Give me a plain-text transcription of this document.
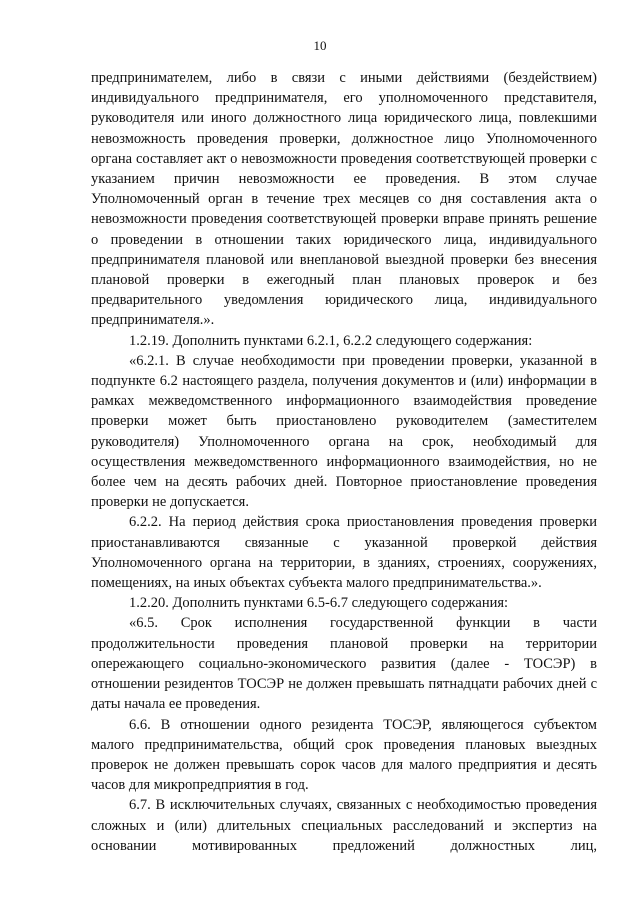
10

предпринимателем, либо в связи с иными действиями (бездействием) индивидуального предпринимателя, его уполномоченного представителя, руководителя или иного должностного лица юридического лица, повлекшими невозможность проведения проверки, должностное лицо Уполномоченного органа составляет акт о невозможности проведения соответствующей проверки с указанием причин невозможности ее проведения. В этом случае Уполномоченный орган в течение трех месяцев со дня составления акта о невозможности проведения соответствующей проверки вправе принять решение о проведении в отношении таких юридического лица, индивидуального предпринимателя плановой или внеплановой выездной проверки без внесения плановой проверки в ежегодный план плановых проверок и без предварительного уведомления юридического лица, индивидуального предпринимателя.».

1.2.19. Дополнить пунктами 6.2.1, 6.2.2 следующего содержания:

«6.2.1. В случае необходимости при проведении проверки, указанной в подпункте 6.2 настоящего раздела, получения документов и (или) информации в рамках межведомственного информационного взаимодействия проведение проверки может быть приостановлено руководителем (заместителем руководителя) Уполномоченного органа на срок, необходимый для осуществления межведомственного информационного взаимодействия, но не более чем на десять рабочих дней. Повторное приостановление проведения проверки не допускается.

6.2.2. На период действия срока приостановления проведения проверки приостанавливаются связанные с указанной проверкой действия Уполномоченного органа на территории, в зданиях, строениях, сооружениях, помещениях, на иных объектах субъекта малого предпринимательства.».

1.2.20. Дополнить пунктами 6.5-6.7 следующего содержания:

«6.5. Срок исполнения государственной функции в части продолжительности проведения плановой проверки на территории опережающего социально-экономического развития (далее - ТОСЭР) в отношении резидентов ТОСЭР не должен превышать пятнадцати рабочих дней с даты начала ее проведения.

6.6. В отношении одного резидента ТОСЭР, являющегося субъектом малого предпринимательства, общий срок проведения плановых выездных проверок не должен превышать сорок часов для малого предприятия и десять часов для микропредприятия в год.

6.7. В исключительных случаях, связанных с необходимостью проведения сложных и (или) длительных специальных расследований и экспертиз на основании мотивированных предложений должностных лиц,
